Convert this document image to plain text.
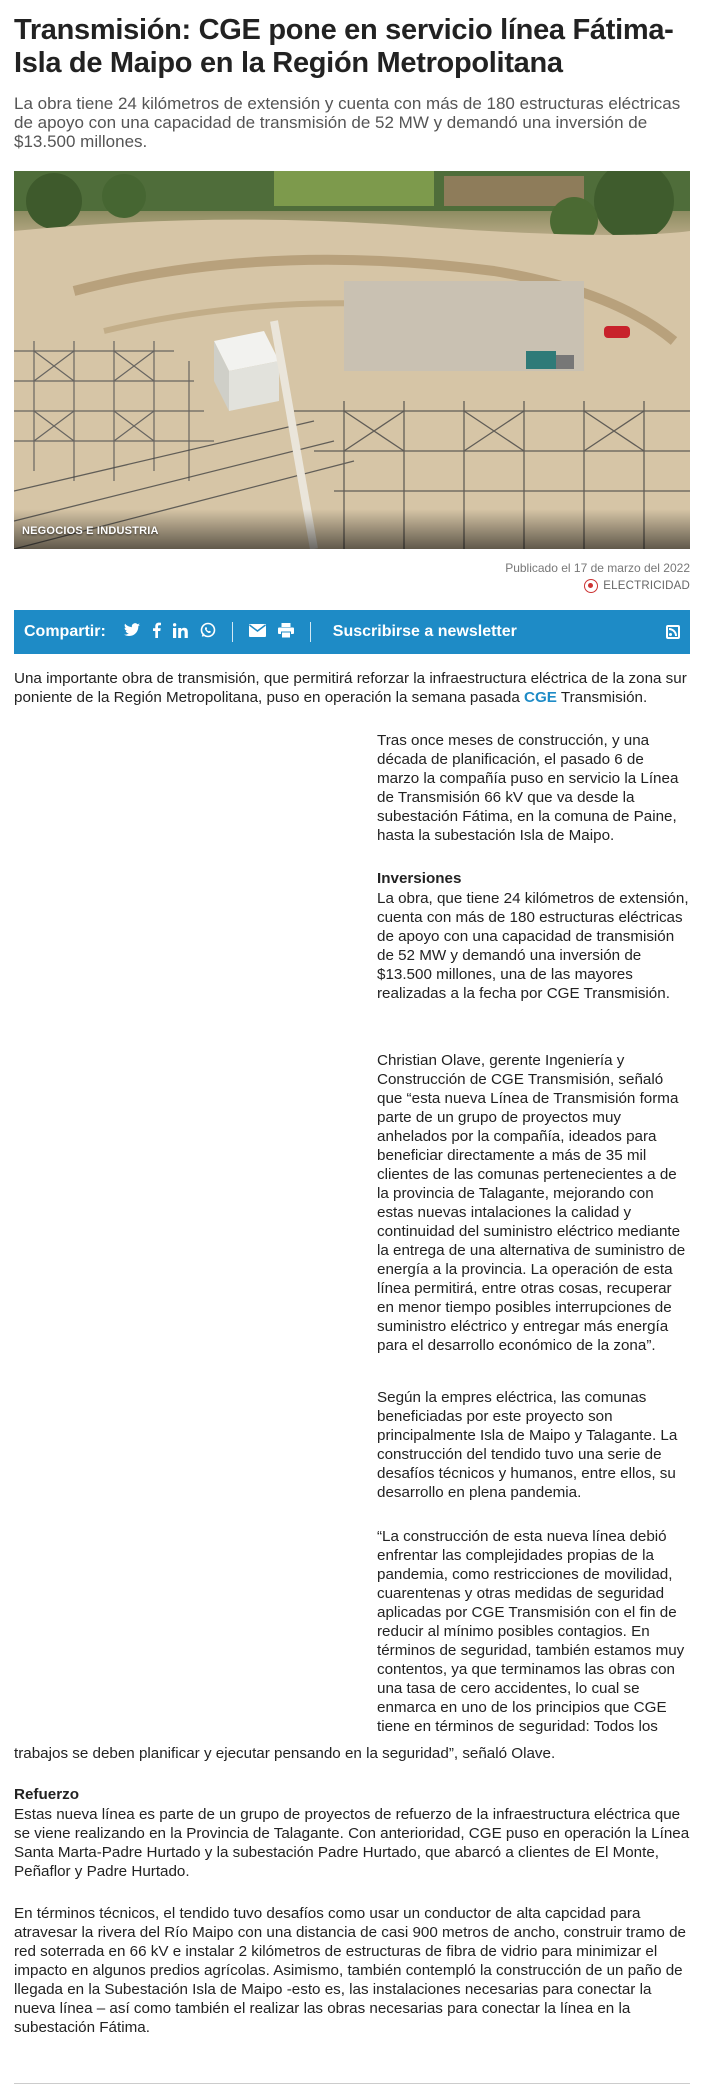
Transmisión: CGE pone en servicio línea Fátima-Isla de Maipo en la Región Metropolitana

La obra tiene 24 kilómetros de extensión y cuenta con más de 180 estructuras eléctricas de apoyo con una capacidad de transmisión de 52 MW y demandó una inversión de $13.500 millones.

NEGOCIOS E INDUSTRIA
Publicado el 17 de marzo del 2022
ELECTRICIDAD
Compartir:	Suscribirse a newsletter

Una importante obra de transmisión, que permitirá reforzar la infraestructura eléctrica de la zona sur poniente de la Región Metropolitana, puso en operación la semana pasada CGE Transmisión.

Tras once meses de construcción, y una década de planificación, el pasado 6 de marzo la compañía puso en servicio la Línea de Transmisión 66 kV que va desde la subestación Fátima, en la comuna de Paine, hasta la subestación Isla de Maipo.

Inversiones

La obra, que tiene 24 kilómetros de extensión, cuenta con más de 180 estructuras eléctricas de apoyo con una capacidad de transmisión de 52 MW y demandó una inversión de $13.500 millones, una de las mayores realizadas a la fecha por CGE Transmisión.

Christian Olave, gerente Ingeniería y Construcción de CGE Transmisión, señaló que “esta nueva Línea de Transmisión forma parte de un grupo de proyectos muy anhelados por la compañía, ideados para beneficiar directamente a más de 35 mil clientes de las comunas pertenecientes a de la provincia de Talagante, mejorando con estas nuevas intalaciones la calidad y continuidad del suministro eléctrico mediante la entrega de una alternativa de suministro de energía a la provincia. La operación de esta línea permitirá, entre otras cosas, recuperar en menor tiempo posibles interrupciones de suministro eléctrico y entregar más energía para el desarrollo económico de la zona”.

Según la empres eléctrica, las comunas beneficiadas por este proyecto son principalmente Isla de Maipo y Talagante. La construcción del tendido tuvo una serie de desafíos técnicos y humanos, entre ellos, su desarrollo en plena pandemia.

“La construcción de esta nueva línea debió enfrentar las complejidades propias de la pandemia, como restricciones de movilidad, cuarentenas y otras medidas de seguridad aplicadas por CGE Transmisión con el fin de reducir al mínimo posibles contagios. En términos de seguridad, también estamos muy contentos, ya que terminamos las obras con una tasa de cero accidentes, lo cual se enmarca en uno de los principios que CGE tiene en términos de seguridad: Todos los

trabajos se deben planificar y ejecutar pensando en la seguridad”, señaló Olave.

Refuerzo

Estas nueva línea es parte de un grupo de proyectos de refuerzo de la infraestructura eléctrica que se viene realizando en la Provincia de Talagante. Con anterioridad, CGE puso en operación la Línea Santa Marta-Padre Hurtado y la subestación Padre Hurtado, que abarcó a clientes de El Monte, Peñaflor y Padre Hurtado.

En términos técnicos, el tendido tuvo desafíos como usar un conductor de alta capcidad para atravesar la rivera del Río Maipo con una distancia de casi 900 metros de ancho, construir tramo de red soterrada en 66 kV e instalar 2 kilómetros de estructuras de fibra de vidrio para minimizar el impacto en algunos predios agrícolas. Asimismo, también contempló la construcción de un paño de llegada en la Subestación Isla de Maipo -esto es, las instalaciones necesarias para conectar la nueva línea – así como también el realizar las obras necesarias para conectar la línea en la subestación Fátima.
